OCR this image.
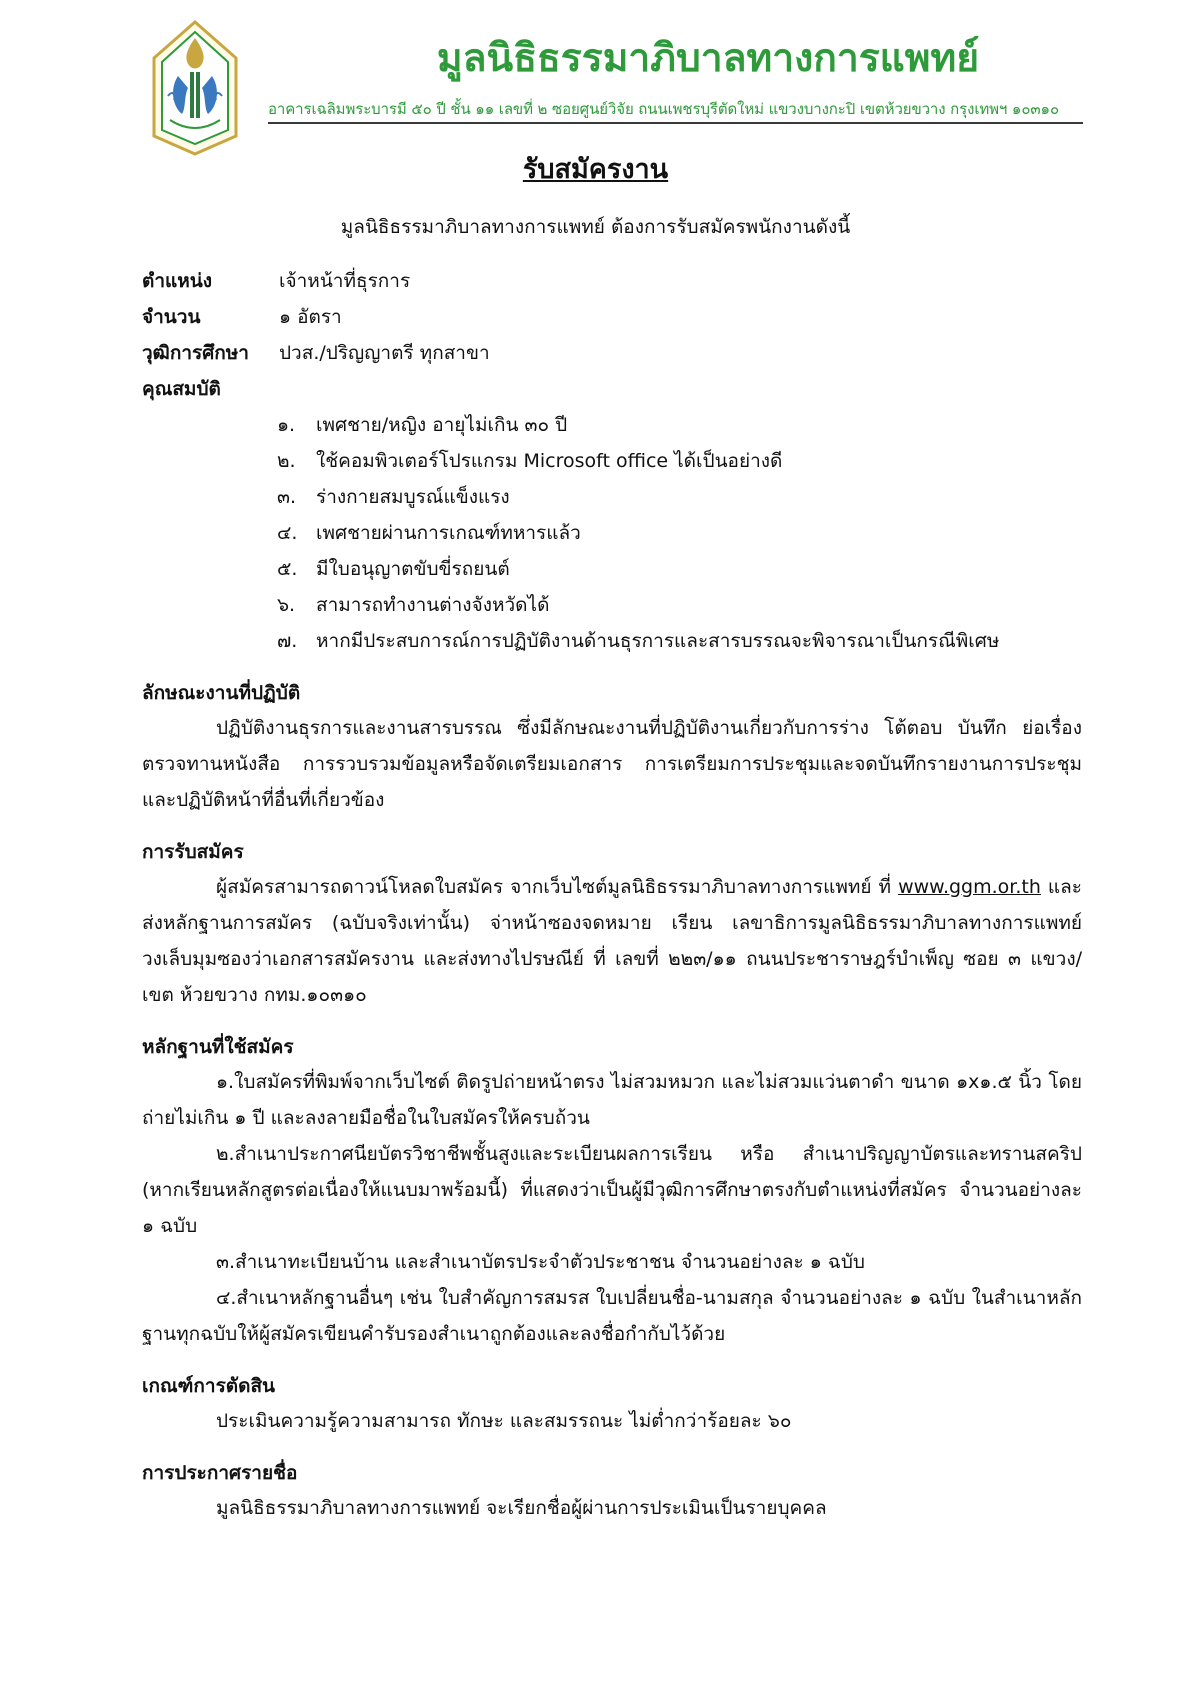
มูลนิธิธรรมาภิบาลทางการแพทย์
อาคารเฉลิมพระบารมี ๕๐ ปี ชั้น ๑๑ เลขที่ ๒ ซอยศูนย์วิจัย ถนนเพชรบุรีตัดใหม่ แขวงบางกะปิ เขตห้วยขวาง กรุงเทพฯ ๑๐๓๑๐
รับสมัครงาน
มูลนิธิธรรมาภิบาลทางการแพทย์ ต้องการรับสมัครพนักงานดังนี้
ตำแหน่ง	เจ้าหน้าที่ธุรการ
จำนวน	๑ อัตรา
วุฒิการศึกษา	ปวส./ปริญญาตรี ทุกสาขา
คุณสมบัติ
๑.	เพศชาย/หญิง อายุไม่เกิน ๓๐ ปี
๒.	ใช้คอมพิวเตอร์โปรแกรม Microsoft office ได้เป็นอย่างดี
๓.	ร่างกายสมบูรณ์แข็งแรง
๔. เพศชายผ่านการเกณฑ์ทหารแล้ว
๕. มีใบอนุญาตขับขี่รถยนต์
๖.	สามารถทำงานต่างจังหวัดได้
๗. หากมีประสบการณ์การปฏิบัติงานด้านธุรการและสารบรรณจะพิจารณาเป็นกรณีพิเศษ
ลักษณะงานที่ปฏิบัติ
ปฏิบัติงานธุรการและงานสารบรรณ ซึ่งมีลักษณะงานที่ปฏิบัติงานเกี่ยวกับการร่าง โต้ตอบ บันทึก ย่อเรื่อง ตรวจทานหนังสือ การรวบรวมข้อมูลหรือจัดเตรียมเอกสาร การเตรียมการประชุมและจดบันทึกรายงานการประชุม และปฏิบัติหน้าที่อื่นที่เกี่ยวข้อง
การรับสมัคร
ผู้สมัครสามารถดาวน์โหลดใบสมัคร จากเว็บไซต์มูลนิธิธรรมาภิบาลทางการแพทย์ ที่ www.ggm.or.th และส่งหลักฐานการสมัคร (ฉบับจริงเท่านั้น) จ่าหน้าซองจดหมาย เรียน เลขาธิการมูลนิธิธรรมาภิบาลทางการแพทย์ วงเล็บมุมซองว่าเอกสารสมัครงาน และส่งทางไปรษณีย์ ที่ เลขที่ ๒๒๓/๑๑ ถนนประชาราษฎร์บำเพ็ญ ซอย ๓ แขวง/เขต ห้วยขวาง กทม.๑๐๓๑๐
หลักฐานที่ใช้สมัคร
๑.ใบสมัครที่พิมพ์จากเว็บไซต์ ติดรูปถ่ายหน้าตรง ไม่สวมหมวก และไม่สวมแว่นตาดำ ขนาด ๑x๑.๕ นิ้ว โดยถ่ายไม่เกิน ๑ ปี และลงลายมือชื่อในใบสมัครให้ครบถ้วน
๒.สำเนาประกาศนียบัตรวิชาชีพชั้นสูงและระเบียนผลการเรียน หรือ สำเนาปริญญาบัตรและทรานสคริป (หากเรียนหลักสูตรต่อเนื่องให้แนบมาพร้อมนี้) ที่แสดงว่าเป็นผู้มีวุฒิการศึกษาตรงกับตำแหน่งที่สมัคร จำนวนอย่างละ ๑ ฉบับ
๓.สำเนาทะเบียนบ้าน และสำเนาบัตรประจำตัวประชาชน จำนวนอย่างละ ๑ ฉบับ
๔.สำเนาหลักฐานอื่นๆ เช่น ใบสำคัญการสมรส ใบเปลี่ยนชื่อ-นามสกุล จำนวนอย่างละ ๑ ฉบับ ในสำเนาหลักฐานทุกฉบับให้ผู้สมัครเขียนคำรับรองสำเนาถูกต้องและลงชื่อกำกับไว้ด้วย
เกณฑ์การตัดสิน
ประเมินความรู้ความสามารถ ทักษะ และสมรรถนะ ไม่ต่ำกว่าร้อยละ ๖๐
การประกาศรายชื่อ
มูลนิธิธรรมาภิบาลทางการแพทย์ จะเรียกชื่อผู้ผ่านการประเมินเป็นรายบุคคล
